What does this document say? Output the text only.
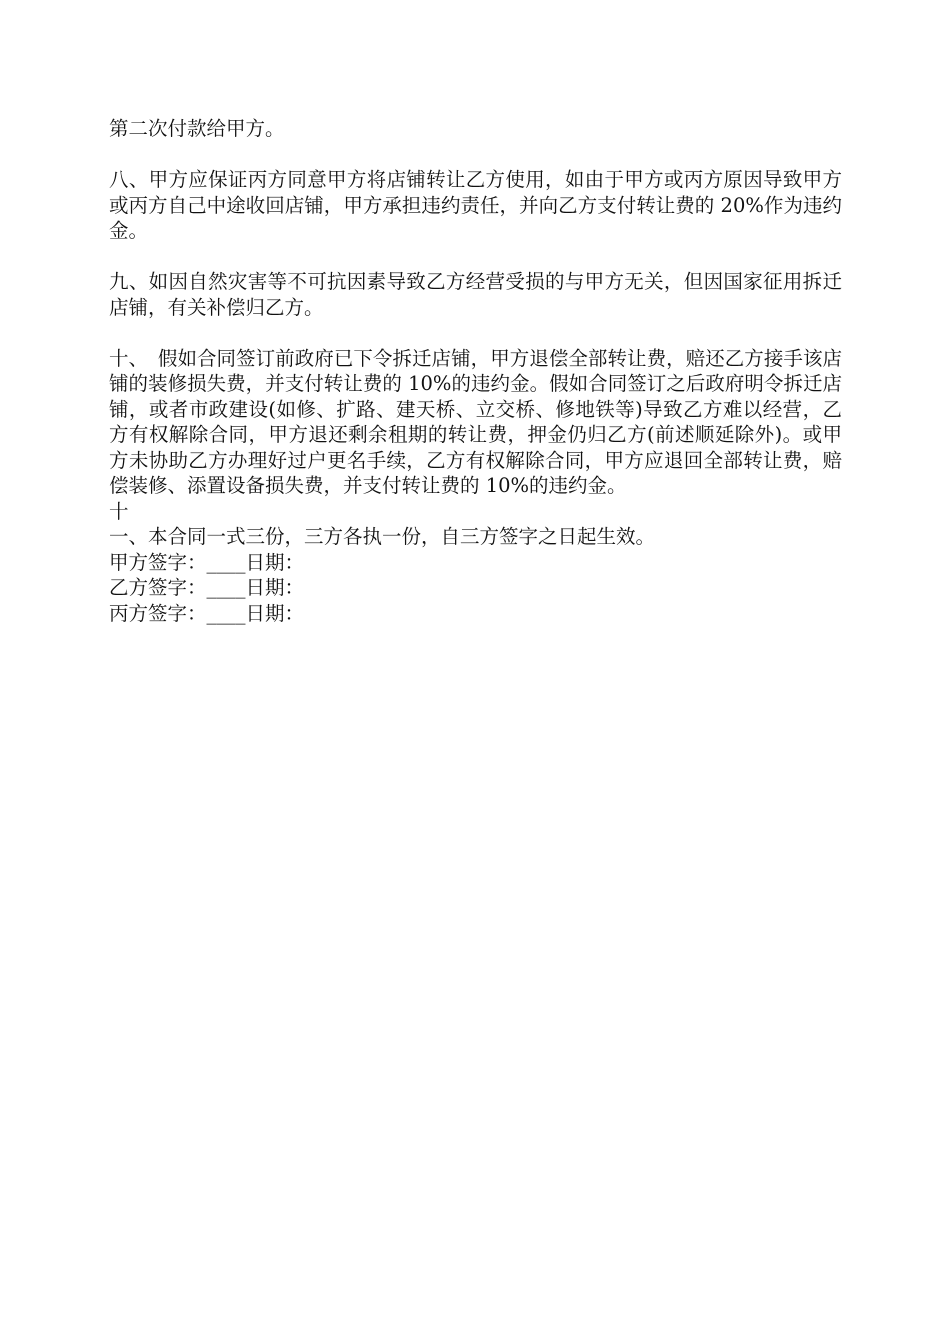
第二次付款给甲方。

八、甲方应保证丙方同意甲方将店铺转让乙方使用，如由于甲方或丙方原因导致甲方或丙方自己中途收回店铺，甲方承担违约责任，并向乙方支付转让费的 20%作为违约金。

九、如因自然灾害等不可抗因素导致乙方经营受损的与甲方无关，但因国家征用拆迁店铺，有关补偿归乙方。

十、　假如合同签订前政府已下令拆迁店铺，甲方退偿全部转让费，赔还乙方接手该店铺的装修损失费，并支付转让费的 10%的违约金。假如合同签订之后政府明令拆迁店铺，或者市政建设(如修、扩路、建天桥、立交桥、修地铁等)导致乙方难以经营，乙方有权解除合同，甲方退还剩余租期的转让费，押金仍归乙方(前述顺延除外)。或甲方未协助乙方办理好过户更名手续，乙方有权解除合同，甲方应退回全部转让费，赔偿装修、添置设备损失费，并支付转让费的 10%的违约金。

十

一、本合同一式三份，三方各执一份，自三方签字之日起生效。

甲方签字：____日期：

乙方签字：____日期：

丙方签字：____日期：
